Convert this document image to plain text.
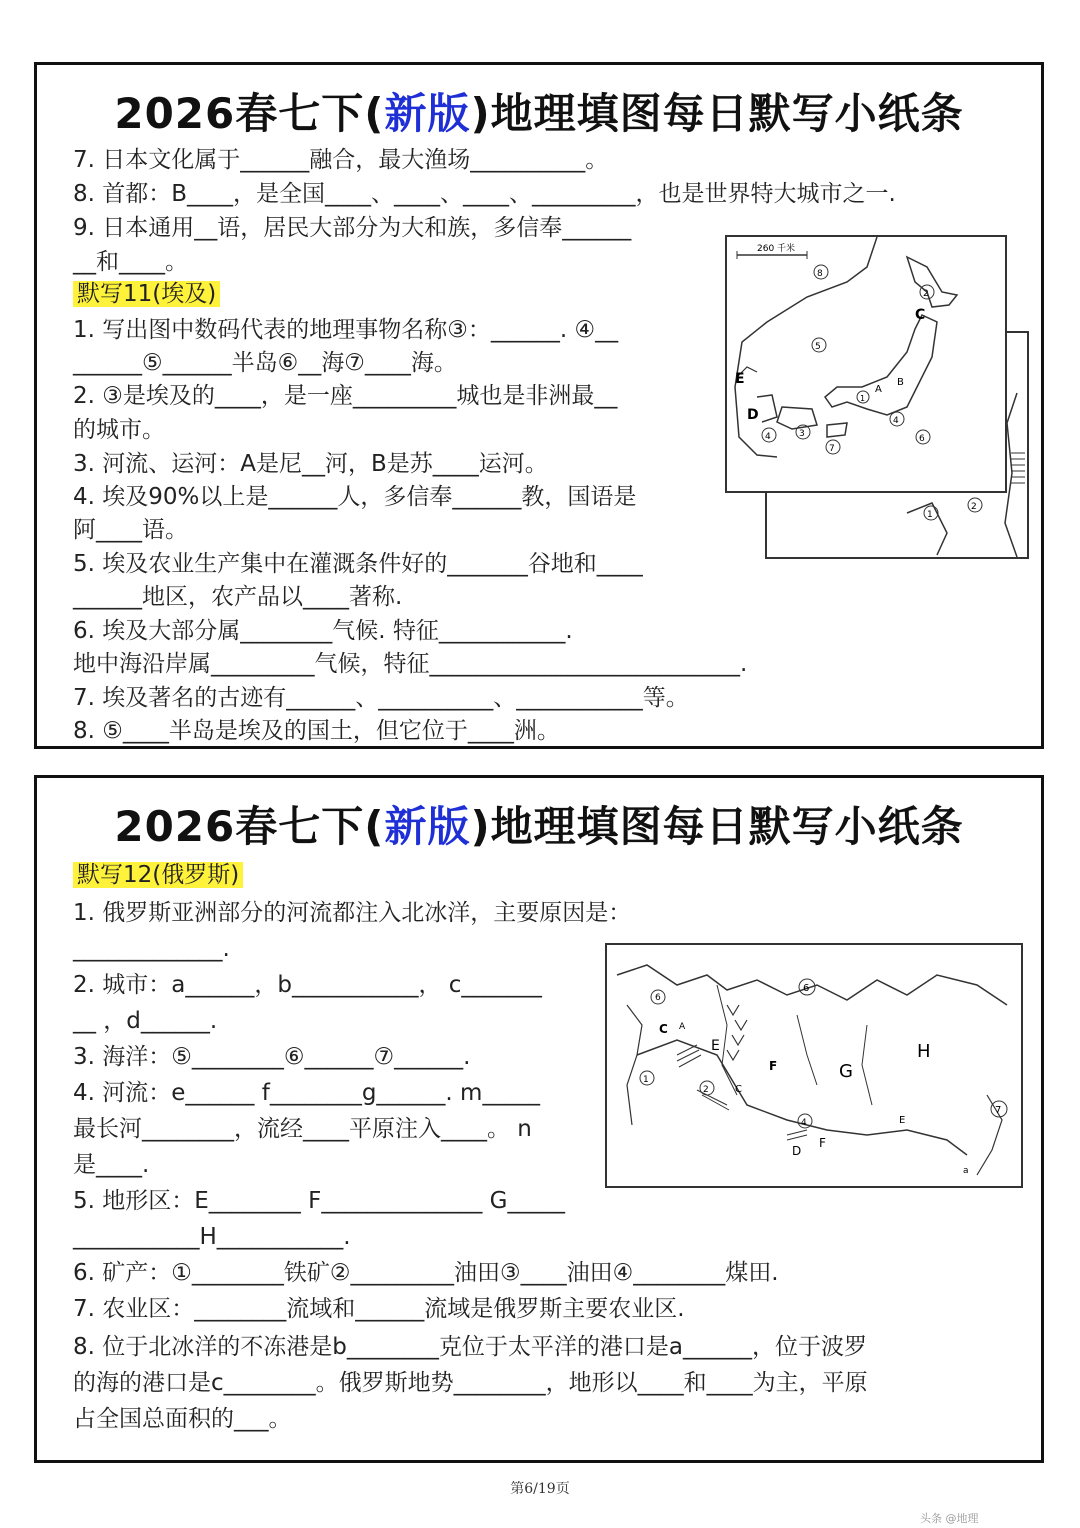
2026春七下(新版)地理填图每日默写小纸条
7. 日本文化属于______融合，最大渔场__________。
8. 首都：B____，是全国____、____、____、_________，也是世界特大城市之一.
9. 日本通用__语，居民大部分为大和族，多信奉______
__和____。
默写11(埃及)
1. 写出图中数码代表的地理事物名称③：______. ④__
______⑤______半岛⑥__海⑦____海。
2. ③是埃及的____，是一座_________城也是非洲最__
的城市。
3. 河流、运河：A是尼__河，B是苏____运河。
4. 埃及90%以上是______人，多信奉______教，国语是
阿____语。
5. 埃及农业生产集中在灌溉条件好的_______谷地和____
______地区，农产品以____著称.
6. 埃及大部分属________气候. 特征___________.
地中海沿岸属_________气候，特征___________________________.
7. 埃及著名的古迹有______、__________、___________等。
8. ⑤____半岛是埃及的国土，但它位于____洲。
1
2
260 千米
8
2
C
5
E	B
A
1
4
6
D
4	3
7
2026春七下(新版)地理填图每日默写小纸条
默写12(俄罗斯)
1. 俄罗斯亚洲部分的河流都注入北冰洋，主要原因是：
_____________.
2. 城市：a______，b___________， c_______
__ ，d______.
3. 海洋：⑤________⑥______⑦______.
4. 河流：e______ f________g______. m_____
最长河________，流经____平原注入____。 n
是____.
5. 地形区：E________ F______________ G_____
___________H___________.
6. 矿产：①________铁矿②_________油田③____油田④________煤田.
7. 农业区：________流域和______流域是俄罗斯主要农业区.
8. 位于北冰洋的不冻港是b________克位于太平洋的港口是a______，位于波罗
的海的港口是c________。俄罗斯地势________，地形以____和____为主，平原
占全国总面积的___。
6
6
C A
E
F	G
H
1
2	C
4
D
F
E
7
a
第6/19页
头条 @地理
